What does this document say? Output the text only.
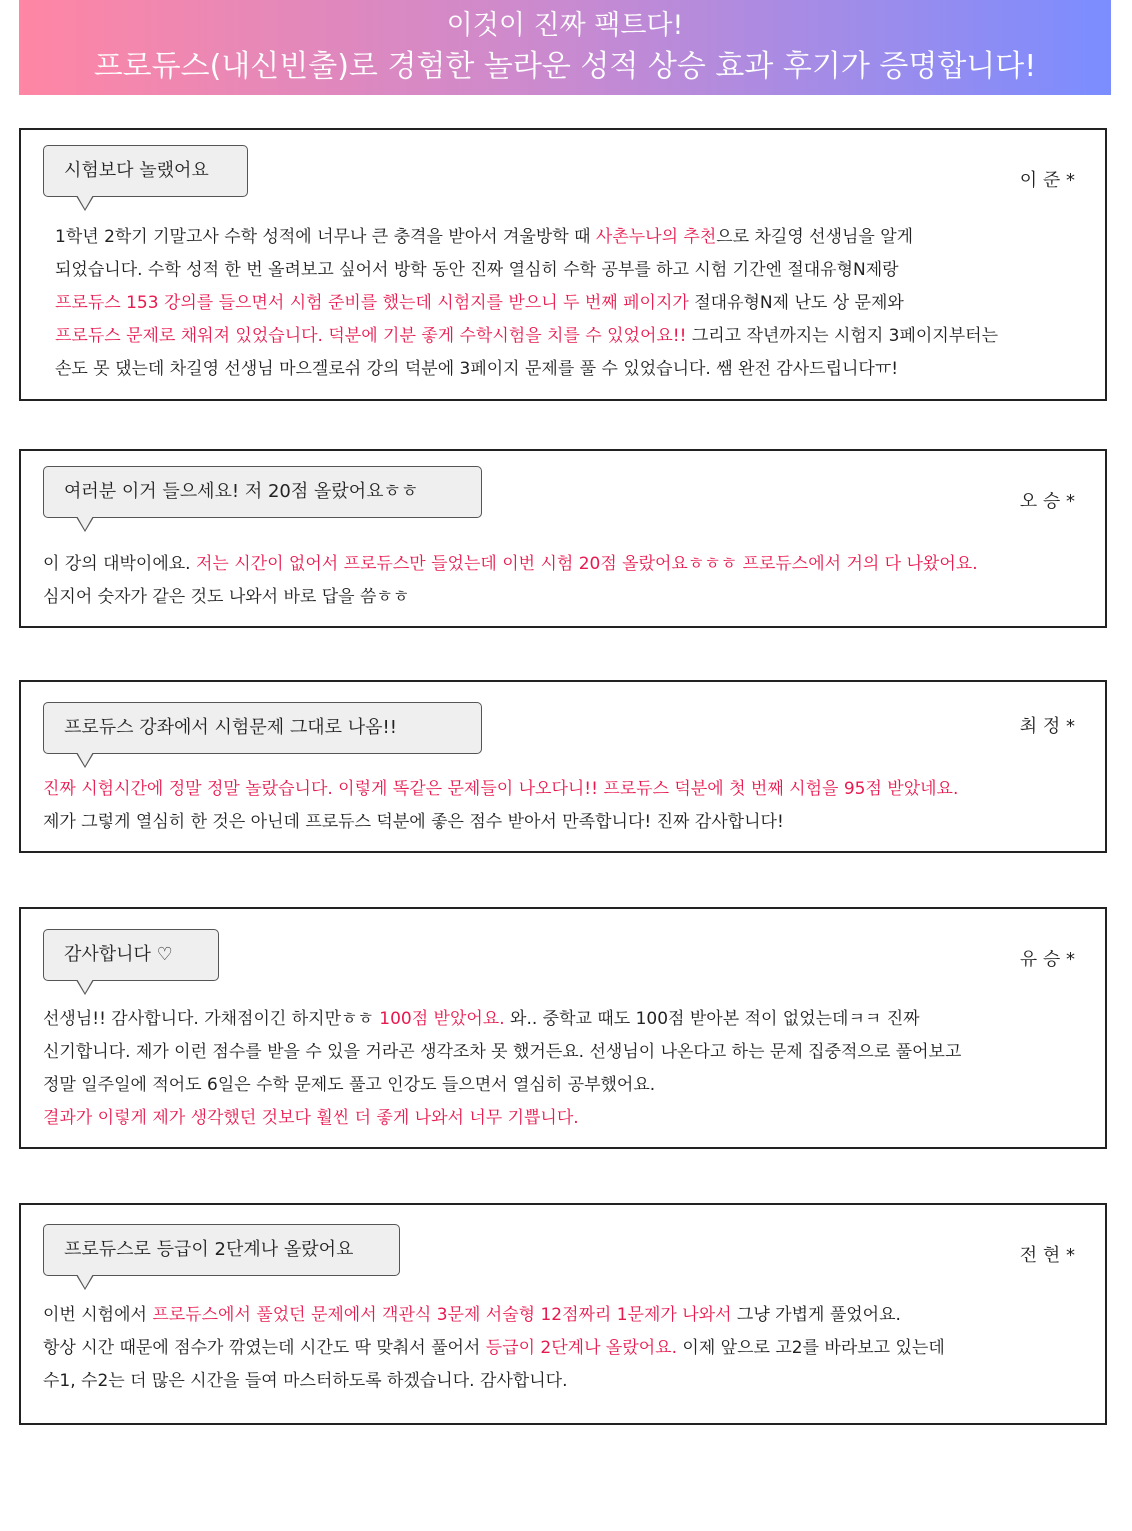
이것이 진짜 팩트다!
프로듀스(내신빈출)로 경험한 놀라운 성적 상승 효과 후기가 증명합니다!
시험보다 놀랬어요	이 준 *
1학년 2학기 기말고사 수학 성적에 너무나 큰 충격을 받아서 겨울방학 때 사촌누나의 추천으로 차길영 선생님을 알게
되었습니다. 수학 성적 한 번 올려보고 싶어서 방학 동안 진짜 열심히 수학 공부를 하고 시험 기간엔 절대유형N제랑
프로듀스 153 강의를 들으면서 시험 준비를 했는데 시험지를 받으니 두 번째 페이지가 절대유형N제 난도 상 문제와
프로듀스 문제로 채워져 있었습니다. 덕분에 기분 좋게 수학시험을 치를 수 있었어요!! 그리고 작년까지는 시험지 3페이지부터는
손도 못 댔는데 차길영 선생님 마으겔로쉬 강의 덕분에 3페이지 문제를 풀 수 있었습니다. 쌤 완전 감사드립니다ㅠ!
여러분 이거 들으세요! 저 20점 올랐어요ㅎㅎ	오 승 *
이 강의 대박이에요. 저는 시간이 없어서 프로듀스만 들었는데 이번 시험 20점 올랐어요ㅎㅎㅎ 프로듀스에서 거의 다 나왔어요.
심지어 숫자가 같은 것도 나와서 바로 답을 씀ㅎㅎ
프로듀스 강좌에서 시험문제 그대로 나옴!!	최 정 *
진짜 시험시간에 정말 정말 놀랐습니다. 이렇게 똑같은 문제들이 나오다니!! 프로듀스 덕분에 첫 번째 시험을 95점 받았네요.
제가 그렇게 열심히 한 것은 아닌데 프로듀스 덕분에 좋은 점수 받아서 만족합니다! 진짜 감사합니다!
감사합니다 ♡	유 승 *
선생님!! 감사합니다. 가채점이긴 하지만ㅎㅎ 100점 받았어요. 와.. 중학교 때도 100점 받아본 적이 없었는데ㅋㅋ 진짜
신기합니다. 제가 이런 점수를 받을 수 있을 거라곤 생각조차 못 했거든요. 선생님이 나온다고 하는 문제 집중적으로 풀어보고
정말 일주일에 적어도 6일은 수학 문제도 풀고 인강도 들으면서 열심히 공부했어요.
결과가 이렇게 제가 생각했던 것보다 훨씬 더 좋게 나와서 너무 기쁩니다.
프로듀스로 등급이 2단계나 올랐어요	전 현 *
이번 시험에서 프로듀스에서 풀었던 문제에서 객관식 3문제 서술형 12점짜리 1문제가 나와서 그냥 가볍게 풀었어요.
항상 시간 때문에 점수가 깎였는데 시간도 딱 맞춰서 풀어서 등급이 2단계나 올랐어요. 이제 앞으로 고2를 바라보고 있는데
수1, 수2는 더 많은 시간을 들여 마스터하도록 하겠습니다. 감사합니다.
